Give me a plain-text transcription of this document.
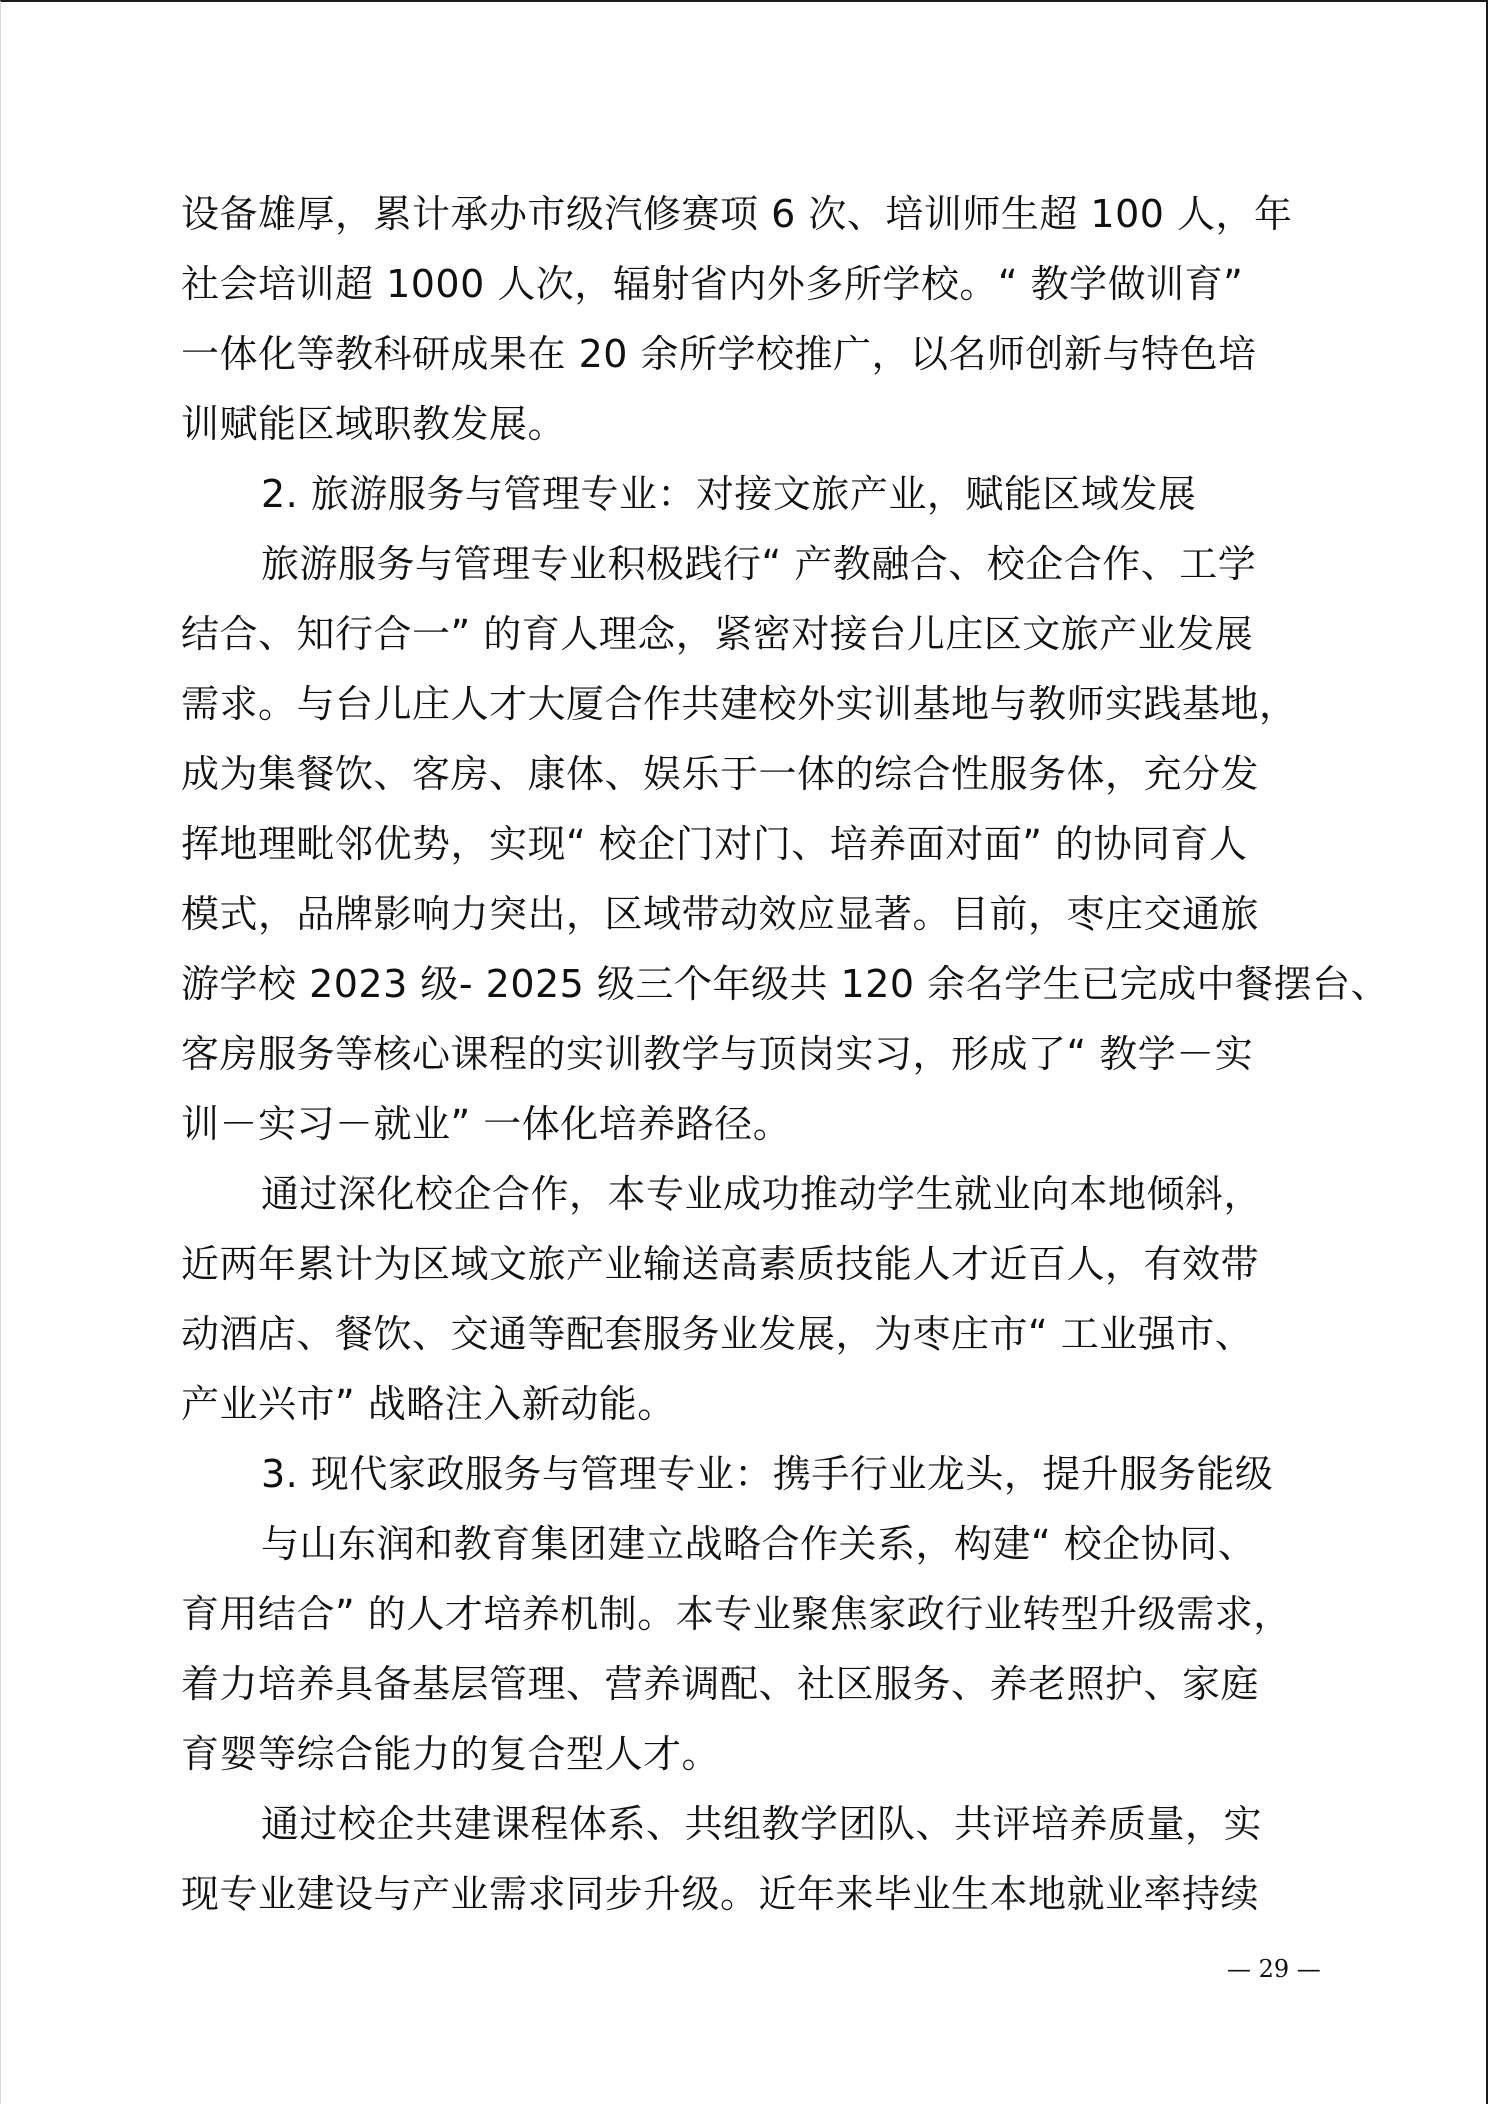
设备雄厚，累计承办市级汽修赛项 6 次、培训师生超 100 人，年
社会培训超 1000 人次，辐射省内外多所学校。“ 教学做训育”
一体化等教科研成果在 20 余所学校推广，以名师创新与特色培
训赋能区域职教发展。
2. 旅游服务与管理专业：对接文旅产业，赋能区域发展
旅游服务与管理专业积极践行“ 产教融合、校企合作、工学
结合、知行合一” 的育人理念，紧密对接台儿庄区文旅产业发展
需求。与台儿庄人才大厦合作共建校外实训基地与教师实践基地，
成为集餐饮、客房、康体、娱乐于一体的综合性服务体，充分发
挥地理毗邻优势，实现“ 校企门对门、培养面对面” 的协同育人
模式，品牌影响力突出，区域带动效应显著。目前，枣庄交通旅
游学校 2023 级- 2025 级三个年级共 120 余名学生已完成中餐摆台、
客房服务等核心课程的实训教学与顶岗实习，形成了“ 教学－实
训－实习－就业” 一体化培养路径。
通过深化校企合作，本专业成功推动学生就业向本地倾斜，
近两年累计为区域文旅产业输送高素质技能人才近百人，有效带
动酒店、餐饮、交通等配套服务业发展，为枣庄市“ 工业强市、
产业兴市” 战略注入新动能。
3. 现代家政服务与管理专业：携手行业龙头，提升服务能级
与山东润和教育集团建立战略合作关系，构建“ 校企协同、
育用结合” 的人才培养机制。本专业聚焦家政行业转型升级需求，
着力培养具备基层管理、营养调配、社区服务、养老照护、家庭
育婴等综合能力的复合型人才。
通过校企共建课程体系、共组教学团队、共评培养质量，实
现专业建设与产业需求同步升级。近年来毕业生本地就业率持续
— 29 —
